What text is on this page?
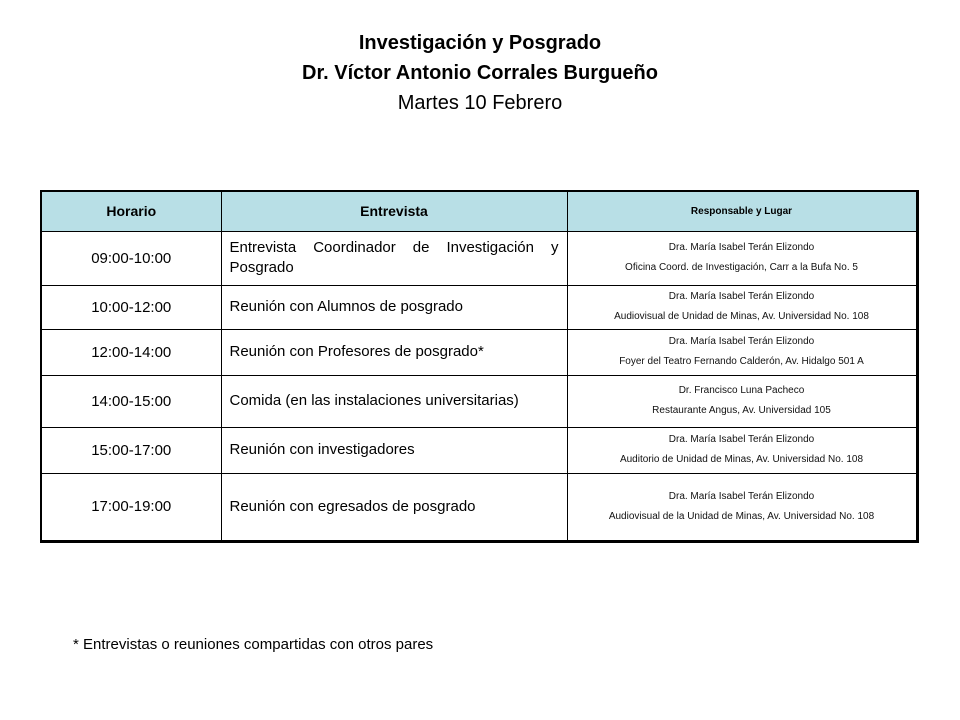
Investigación y Posgrado
Dr. Víctor Antonio Corrales Burgueño
Martes 10 Febrero
Horario	Entrevista	Responsable y Lugar
09:00-10:00	Entrevista Coordinador de Investigación y Posgrado	Dra. María Isabel Terán Elizondo
Oficina Coord. de Investigación, Carr a la Bufa No. 5

10:00-12:00	Reunión con Alumnos de posgrado	Dra. María Isabel Terán Elizondo
Audiovisual de Unidad de Minas, Av. Universidad No. 108

12:00-14:00	Reunión con Profesores de posgrado*	Dra. María Isabel Terán Elizondo
Foyer del Teatro Fernando Calderón, Av. Hidalgo 501 A

14:00-15:00	Comida (en las instalaciones universitarias)	Dr. Francisco Luna Pacheco
Restaurante Angus, Av. Universidad 105

15:00-17:00	Reunión con investigadores	Dra. María Isabel Terán Elizondo
Auditorio de Unidad de Minas, Av. Universidad No. 108

17:00-19:00	Reunión con egresados de posgrado	Dra. María Isabel Terán Elizondo
Audiovisual de la Unidad de Minas, Av. Universidad No. 108
* Entrevistas o reuniones compartidas con otros pares
